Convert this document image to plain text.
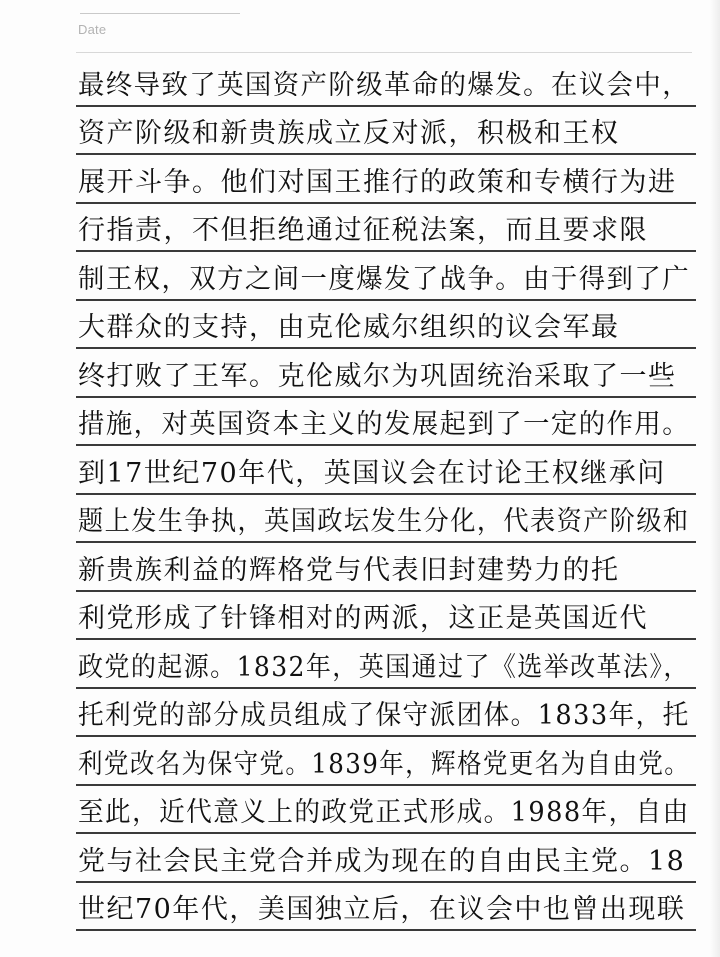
Date
最终导致了英国资产阶级革命的爆发。在议会中，
资产阶级和新贵族成立反对派，积极和王权
展开斗争。他们对国王推行的政策和专横行为进
行指责，不但拒绝通过征税法案，而且要求限
制王权，双方之间一度爆发了战争。由于得到了广
大群众的支持，由克伦威尔组织的议会军最
终打败了王军。克伦威尔为巩固统治采取了一些
措施，对英国资本主义的发展起到了一定的作用。
到17世纪70年代，英国议会在讨论王权继承问
题上发生争执，英国政坛发生分化，代表资产阶级和
新贵族利益的辉格党与代表旧封建势力的托
利党形成了针锋相对的两派，这正是英国近代
政党的起源。1832年，英国通过了《选举改革法》，
托利党的部分成员组成了保守派团体。1833年，托
利党改名为保守党。1839年，辉格党更名为自由党。
至此，近代意义上的政党正式形成。1988年，自由
党与社会民主党合并成为现在的自由民主党。18
世纪70年代，美国独立后，在议会中也曾出现联
